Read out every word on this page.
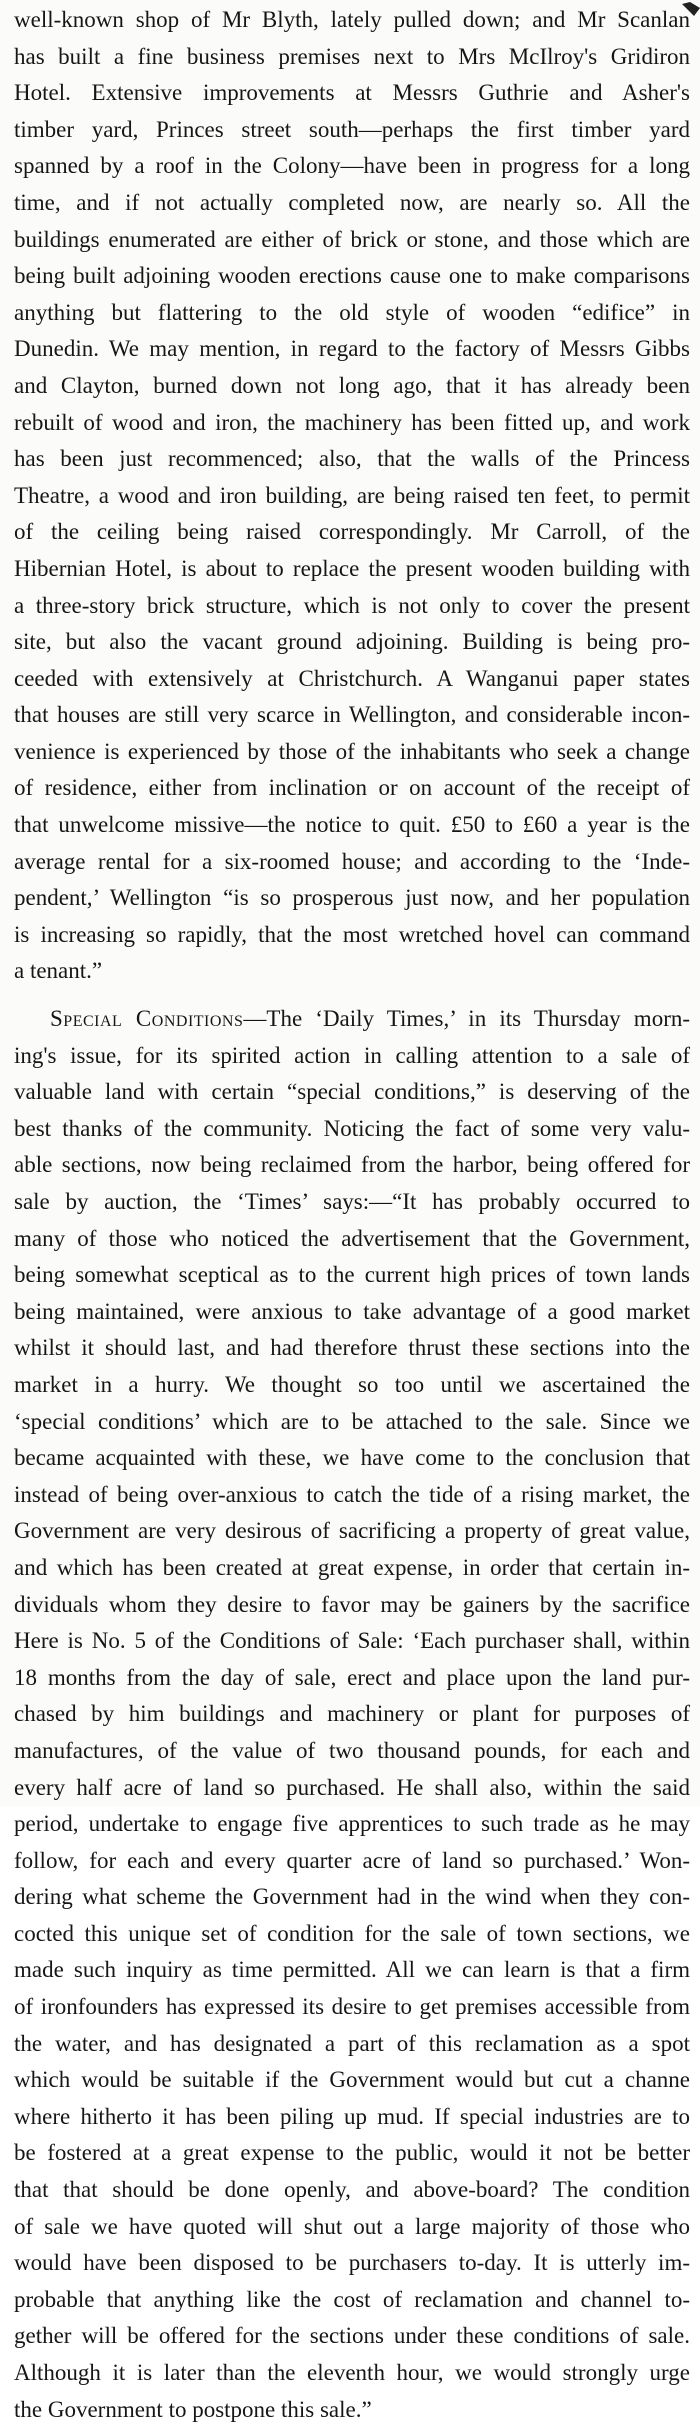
well-known shop of Mr Blyth, lately pulled down; and Mr Scanlan
has built a fine business premises next to Mrs McIlroy's Gridiron
Hotel. Extensive improvements at Messrs Guthrie and Asher's
timber yard, Princes street south—perhaps the first timber yard
spanned by a roof in the Colony—have been in progress for a long
time, and if not actually completed now, are nearly so. All the
buildings enumerated are either of brick or stone, and those which are
being built adjoining wooden erections cause one to make comparisons
anything but flattering to the old style of wooden “edifice” in
Dunedin. We may mention, in regard to the factory of Messrs Gibbs
and Clayton, burned down not long ago, that it has already been
rebuilt of wood and iron, the machinery has been fitted up, and work
has been just recommenced; also, that the walls of the Princess
Theatre, a wood and iron building, are being raised ten feet, to permit
of the ceiling being raised correspondingly. Mr Carroll, of the
Hibernian Hotel, is about to replace the present wooden building with
a three-story brick structure, which is not only to cover the present
site, but also the vacant ground adjoining. Building is being pro-
ceeded with extensively at Christchurch. A Wanganui paper states
that houses are still very scarce in Wellington, and considerable incon-
venience is experienced by those of the inhabitants who seek a change
of residence, either from inclination or on account of the receipt of
that unwelcome missive—the notice to quit. £50 to £60 a year is the
average rental for a six-roomed house; and according to the ‘Inde-
pendent,’ Wellington “is so prosperous just now, and her population
is increasing so rapidly, that the most wretched hovel can command
a tenant.”
Special Conditions—The ‘Daily Times,’ in its Thursday morn-
ing's issue, for its spirited action in calling attention to a sale of
valuable land with certain “special conditions,” is deserving of the
best thanks of the community. Noticing the fact of some very valu-
able sections, now being reclaimed from the harbor, being offered for
sale by auction, the ‘Times’ says:—“It has probably occurred to
many of those who noticed the advertisement that the Government,
being somewhat sceptical as to the current high prices of town lands
being maintained, were anxious to take advantage of a good market
whilst it should last, and had therefore thrust these sections into the
market in a hurry. We thought so too until we ascertained the
‘special conditions’ which are to be attached to the sale. Since we
became acquainted with these, we have come to the conclusion that
instead of being over-anxious to catch the tide of a rising market, the
Government are very desirous of sacrificing a property of great value,
and which has been created at great expense, in order that certain in-
dividuals whom they desire to favor may be gainers by the sacrifice
Here is No. 5 of the Conditions of Sale: ‘Each purchaser shall, within
18 months from the day of sale, erect and place upon the land pur-
chased by him buildings and machinery or plant for purposes of
manufactures, of the value of two thousand pounds, for each and
every half acre of land so purchased. He shall also, within the said
period, undertake to engage five apprentices to such trade as he may
follow, for each and every quarter acre of land so purchased.’ Won-
dering what scheme the Government had in the wind when they con-
cocted this unique set of condition for the sale of town sections, we
made such inquiry as time permitted. All we can learn is that a firm
of ironfounders has expressed its desire to get premises accessible from
the water, and has designated a part of this reclamation as a spot
which would be suitable if the Government would but cut a channe
where hitherto it has been piling up mud. If special industries are to
be fostered at a great expense to the public, would it not be better
that that should be done openly, and above-board? The condition
of sale we have quoted will shut out a large majority of those who
would have been disposed to be purchasers to-day. It is utterly im-
probable that anything like the cost of reclamation and channel to-
gether will be offered for the sections under these conditions of sale.
Although it is later than the eleventh hour, we would strongly urge
the Government to postpone this sale.”
